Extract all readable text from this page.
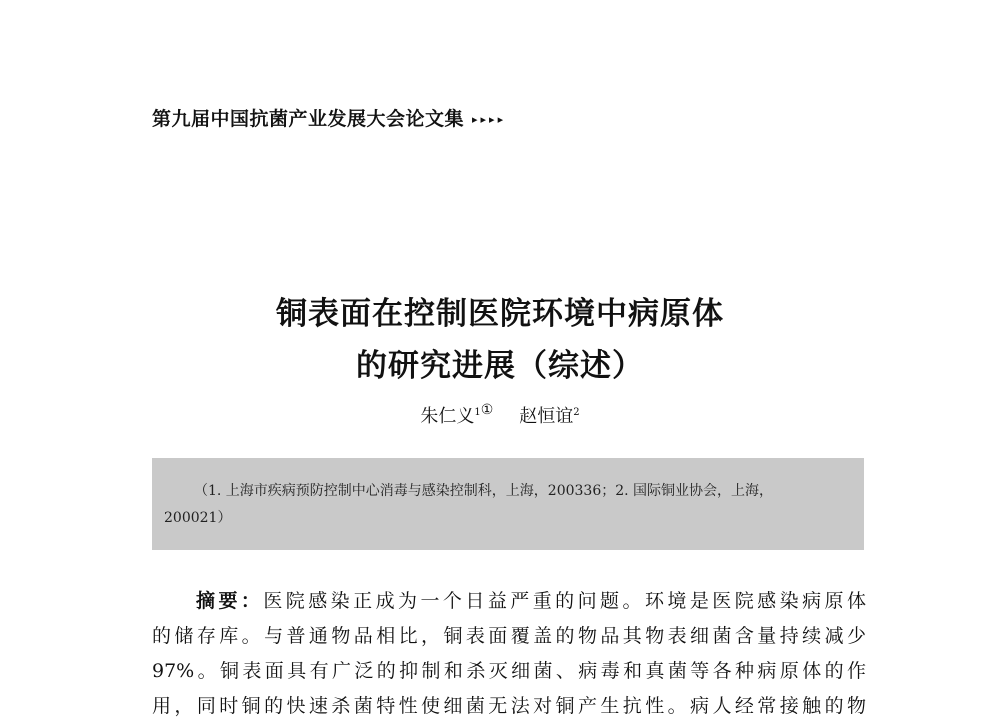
第九届中国抗菌产业发展大会论文集 ▸▸▸▸
铜表面在控制医院环境中病原体
的研究进展（综述）
朱仁义$^{1①}$ 赵恒谊$^2$
（1. 上海市疾病预防控制中心消毒与感染控制科，上海，200336；2. 国际铜业协会，上海，
200021）
摘要：医院感染正成为一个日益严重的问题。环境是医院感染病原体
的储存库。与普通物品相比，铜表面覆盖的物品其物表细菌含量持续减少
97%。铜表面具有广泛的抑制和杀灭细菌、病毒和真菌等各种病原体的作
用，同时铜的快速杀菌特性使细菌无法对铜产生抗性。病人经常接触的物
